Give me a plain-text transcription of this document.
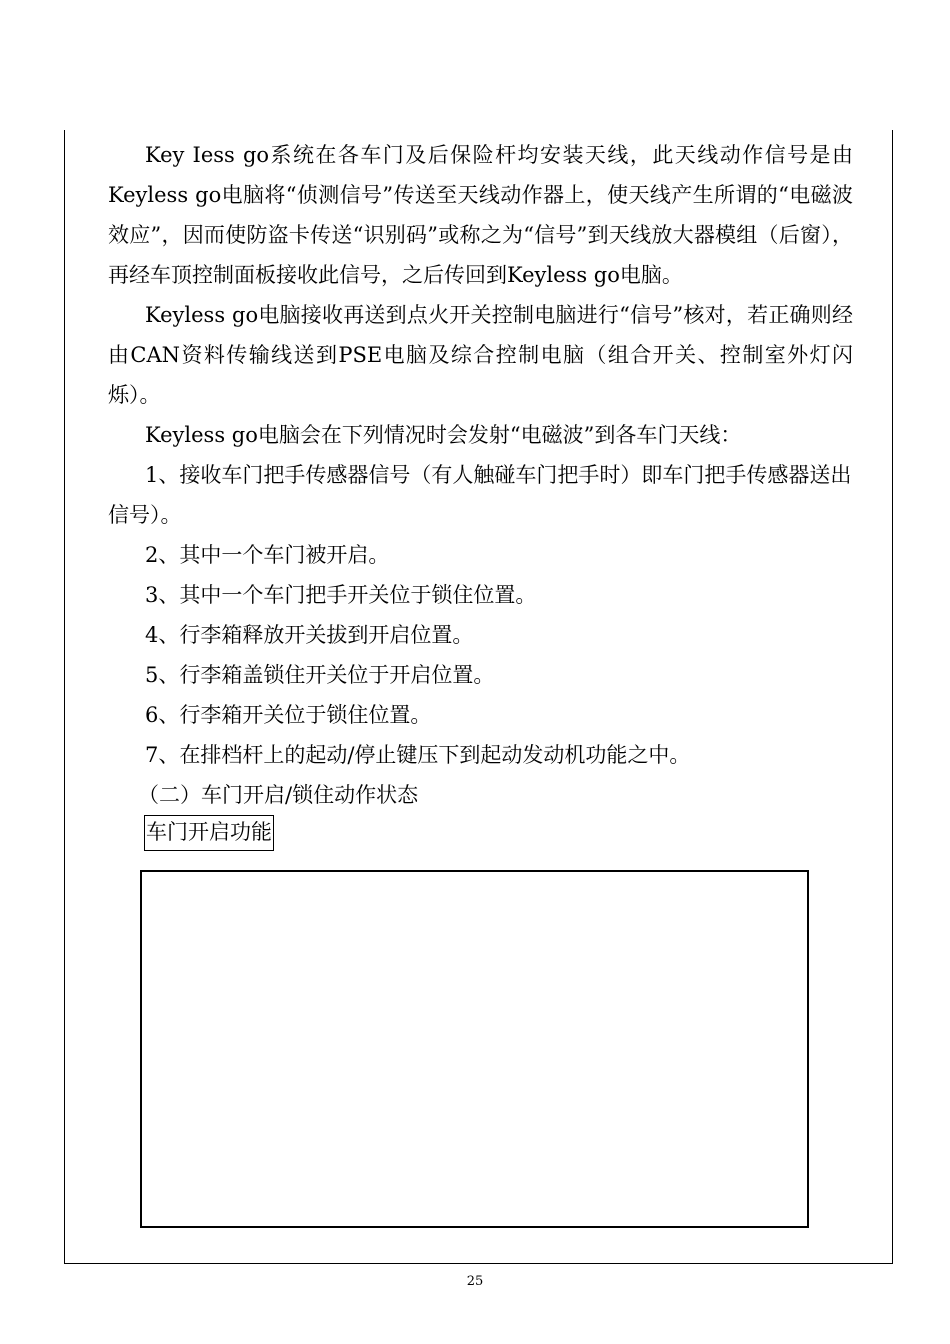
Key Iess go系统在各车门及后保险杆均安装天线，此天线动作信号是由Keyless go电脑将“侦测信号”传送至天线动作器上，使天线产生所谓的“电磁波效应”，因而使防盗卡传送“识别码”或称之为“信号”到天线放大器模组（后窗），再经车顶控制面板接收此信号，之后传回到Keyless go电脑。

Keyless go电脑接收再送到点火开关控制电脑进行“信号”核对，若正确则经由CAN资料传输线送到PSE电脑及综合控制电脑（组合开关、控制室外灯闪烁）。

Keyless go电脑会在下列情况时会发射“电磁波”到各车门天线：

1、接收车门把手传感器信号（有人触碰车门把手时）即车门把手传感器送出信号）。

2、其中一个车门被开启。

3、其中一个车门把手开关位于锁住位置。

4、行李箱释放开关拔到开启位置。

5、行李箱盖锁住开关位于开启位置。

6、行李箱开关位于锁住位置。

7、在排档杆上的起动/停止键压下到起动发动机功能之中。

（二）车门开启/锁住动作状态

车门开启功能
25
